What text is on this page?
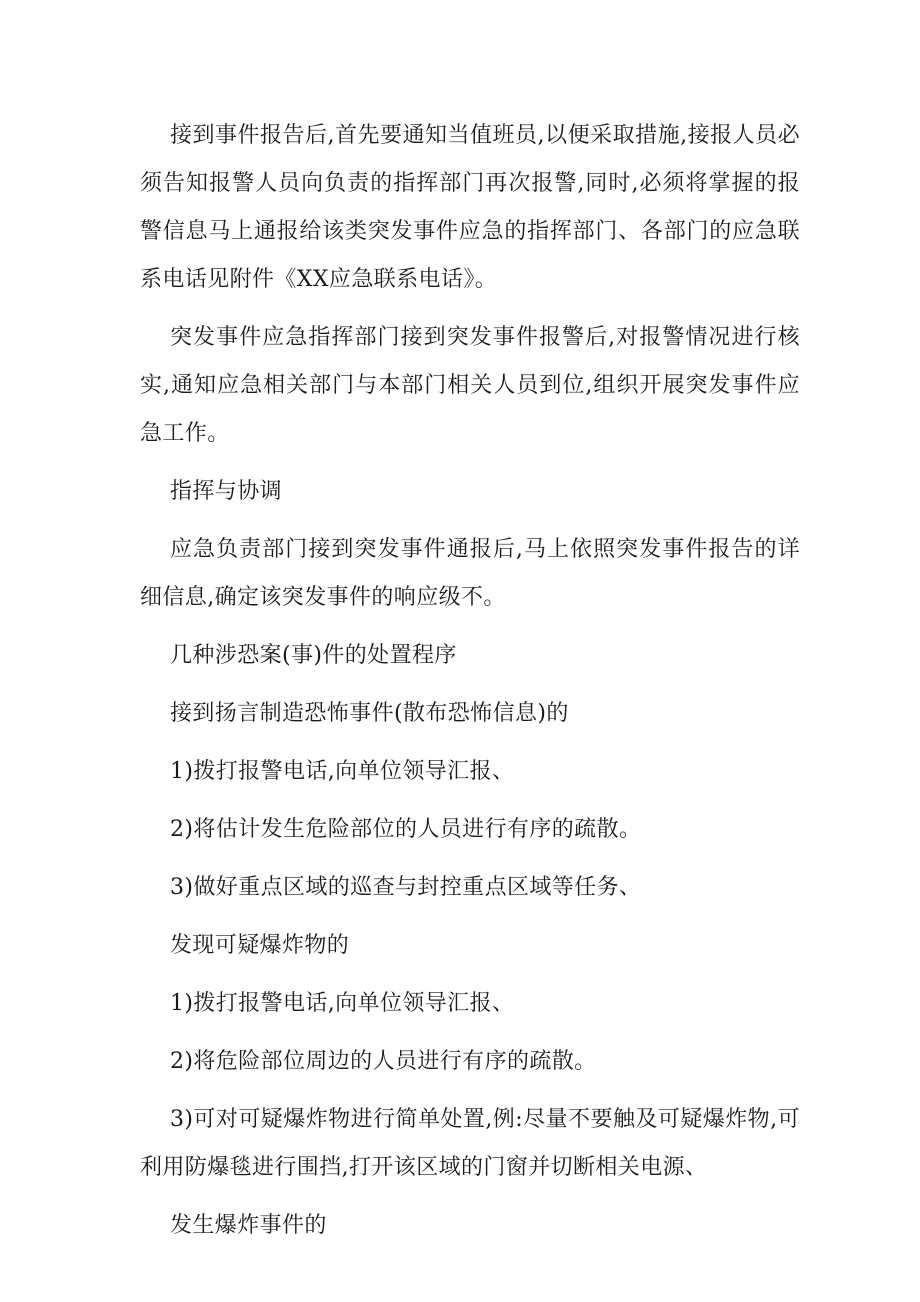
接到事件报告后,首先要通知当值班员,以便采取措施,接报人员必须告知报警人员向负责的指挥部门再次报警,同时,必须将掌握的报警信息马上通报给该类突发事件应急的指挥部门、各部门的应急联系电话见附件《XX应急联系电话》。

突发事件应急指挥部门接到突发事件报警后,对报警情况进行核实,通知应急相关部门与本部门相关人员到位,组织开展突发事件应急工作。

指挥与协调

应急负责部门接到突发事件通报后,马上依照突发事件报告的详细信息,确定该突发事件的响应级不。

几种涉恐案(事)件的处置程序

接到扬言制造恐怖事件(散布恐怖信息)的

1)拨打报警电话,向单位领导汇报、

2)将估计发生危险部位的人员进行有序的疏散。

3)做好重点区域的巡查与封控重点区域等任务、

发现可疑爆炸物的

1)拨打报警电话,向单位领导汇报、

2)将危险部位周边的人员进行有序的疏散。

3)可对可疑爆炸物进行简单处置,例:尽量不要触及可疑爆炸物,可利用防爆毯进行围挡,打开该区域的门窗并切断相关电源、

发生爆炸事件的
